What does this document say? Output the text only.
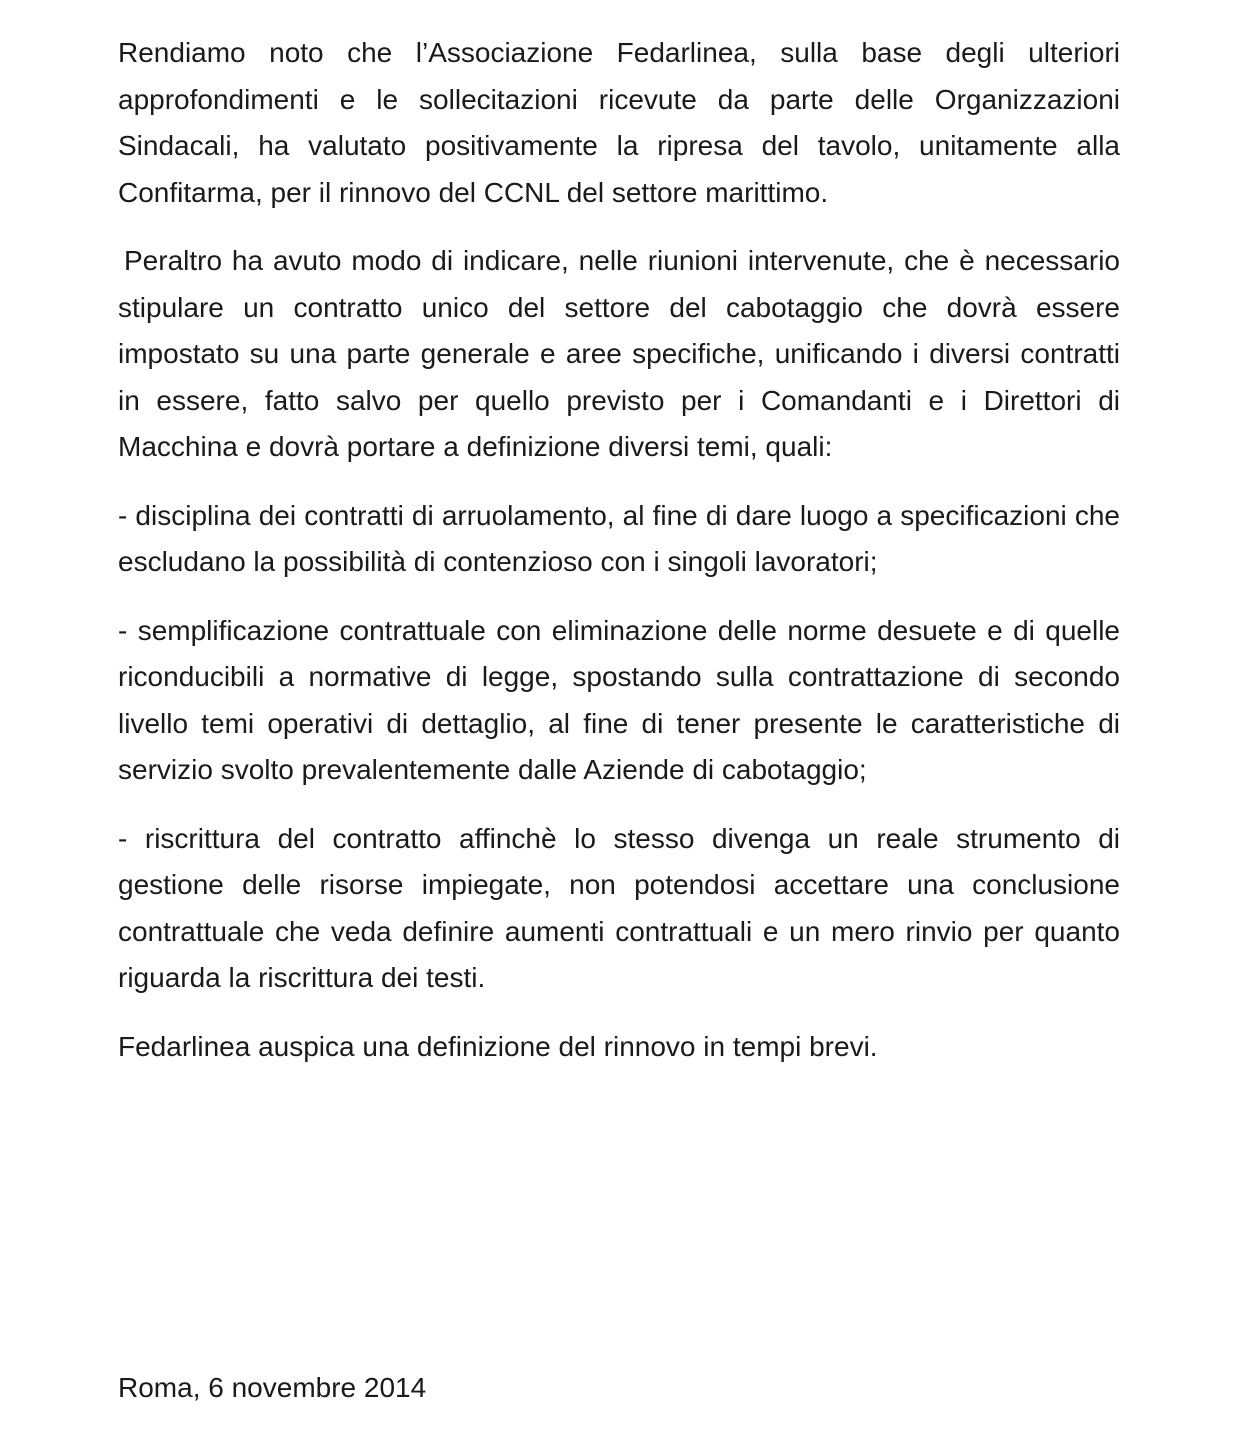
Rendiamo noto che l’Associazione Fedarlinea, sulla base degli ulteriori approfondimenti e le sollecitazioni ricevute da parte delle Organizzazioni Sindacali, ha valutato positivamente la ripresa del tavolo, unitamente alla Confitarma, per il rinnovo del CCNL del settore marittimo.

Peraltro ha avuto modo di indicare, nelle riunioni intervenute, che è necessario stipulare un contratto unico del settore del cabotaggio che dovrà essere impostato su una parte generale e aree specifiche, unificando i diversi contratti in essere, fatto salvo per quello previsto per i Comandanti e i Direttori di Macchina e dovrà portare a definizione diversi temi, quali:

- disciplina dei contratti di arruolamento, al fine di dare luogo a specificazioni che escludano la possibilità di contenzioso con i singoli lavoratori;

- semplificazione contrattuale con eliminazione delle norme desuete e di quelle riconducibili a normative di legge, spostando sulla contrattazione di secondo livello temi operativi di dettaglio, al fine di tener presente le caratteristiche di servizio svolto prevalentemente dalle Aziende di cabotaggio;

- riscrittura del contratto affinchè lo stesso divenga un reale strumento di gestione delle risorse impiegate, non potendosi accettare una conclusione contrattuale che veda definire aumenti contrattuali e un mero rinvio per quanto riguarda la riscrittura dei testi.

Fedarlinea auspica una definizione del rinnovo in tempi brevi.

Roma, 6 novembre 2014
